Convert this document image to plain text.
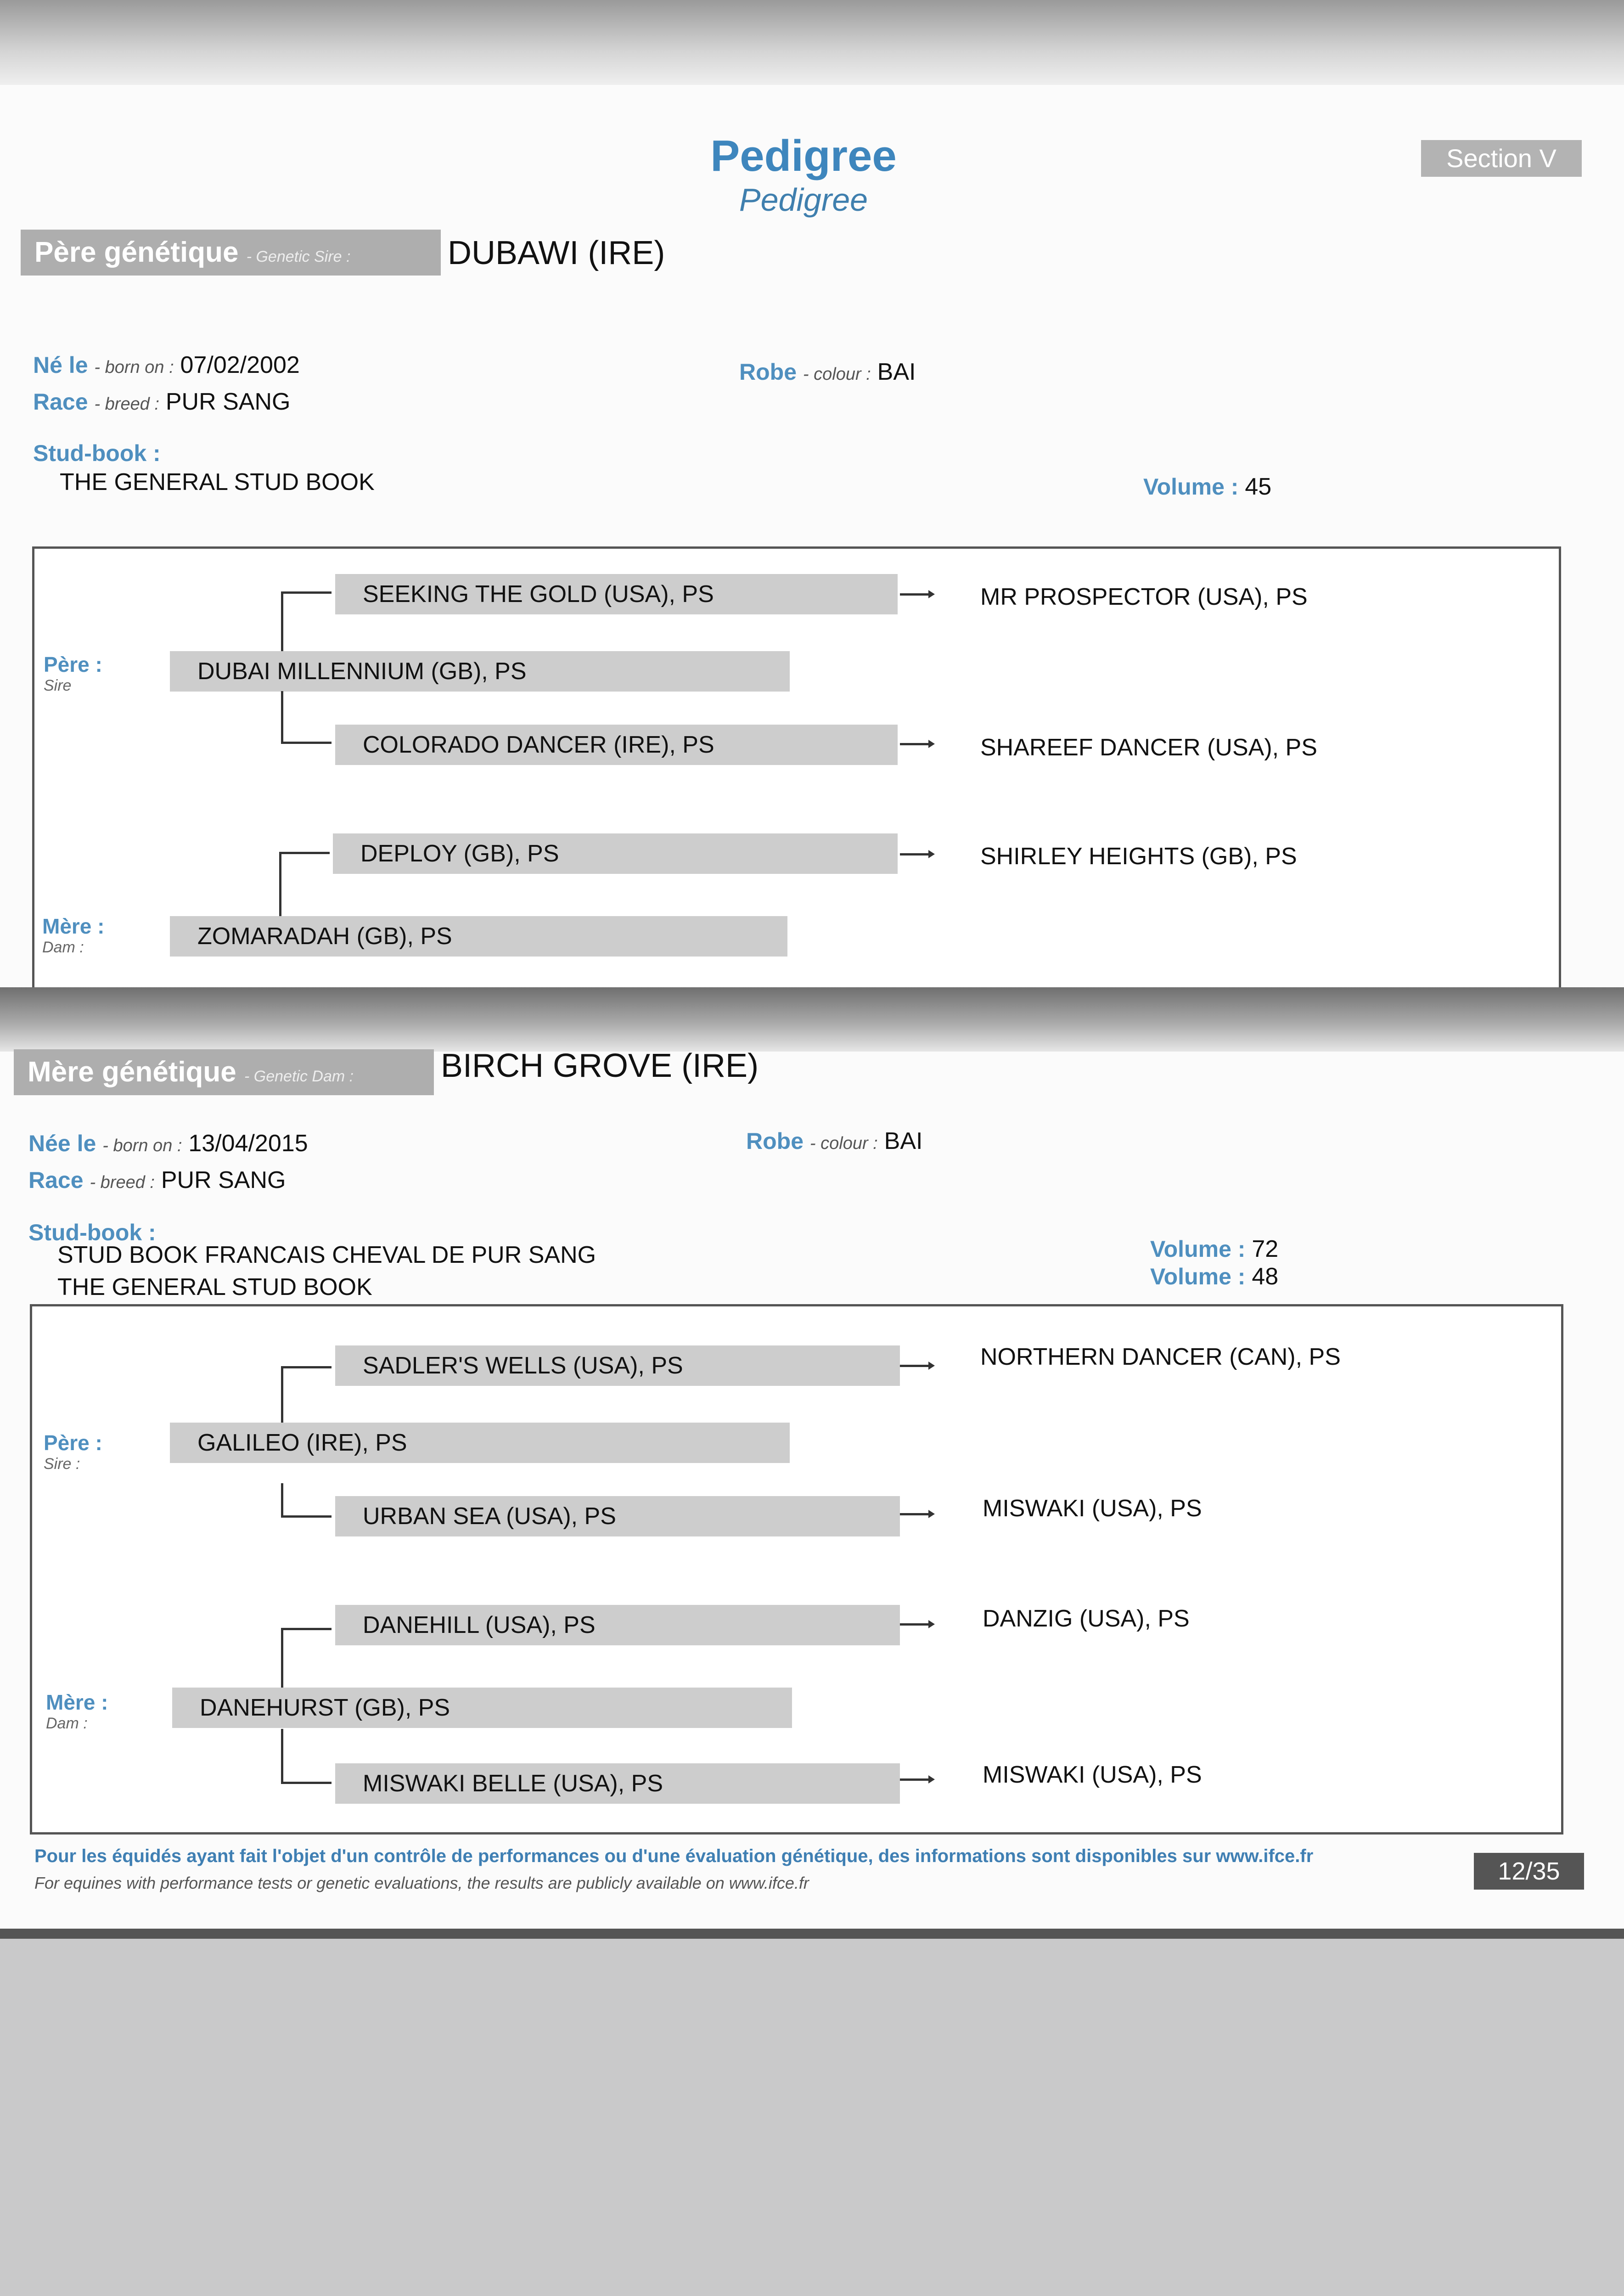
Pedigree
Pedigree
Section V
Père génétique - Genetic Sire :	DUBAWI (IRE)
Né le - born on : 07/02/2002
Race - breed : PUR SANG
Robe - colour : BAI
Stud-book :
THE GENERAL STUD BOOK	Volume : 45
SEEKING THE GOLD (USA), PS	MR PROSPECTOR (USA), PS
Père :
Sire
DUBAI MILLENNIUM (GB), PS
COLORADO DANCER (IRE), PS	SHAREEF DANCER (USA), PS
DEPLOY (GB), PS	SHIRLEY HEIGHTS (GB), PS
Mère :
Dam :	ZOMARADAH (GB), PS
Mère génétique - Genetic Dam :	BIRCH GROVE (IRE)
Née le - born on : 13/04/2015
Race - breed : PUR SANG
Robe - colour : BAI
Stud-book :
STUD BOOK FRANCAIS CHEVAL DE PUR SANG
THE GENERAL STUD BOOK
Volume : 72
Volume : 48
SADLER'S WELLS (USA), PS	NORTHERN DANCER (CAN), PS
Père :
Sire :
GALILEO (IRE), PS
URBAN SEA (USA), PS	MISWAKI (USA), PS
DANEHILL (USA), PS	DANZIG (USA), PS
Mère :
Dam :
DANEHURST (GB), PS
MISWAKI BELLE (USA), PS	MISWAKI (USA), PS
Pour les équidés ayant fait l'objet d'un contrôle de performances ou d'une évaluation génétique, des informations sont disponibles sur www.ifce.fr
For equines with performance tests or genetic evaluations, the results are publicly available on www.ifce.fr	12/35
